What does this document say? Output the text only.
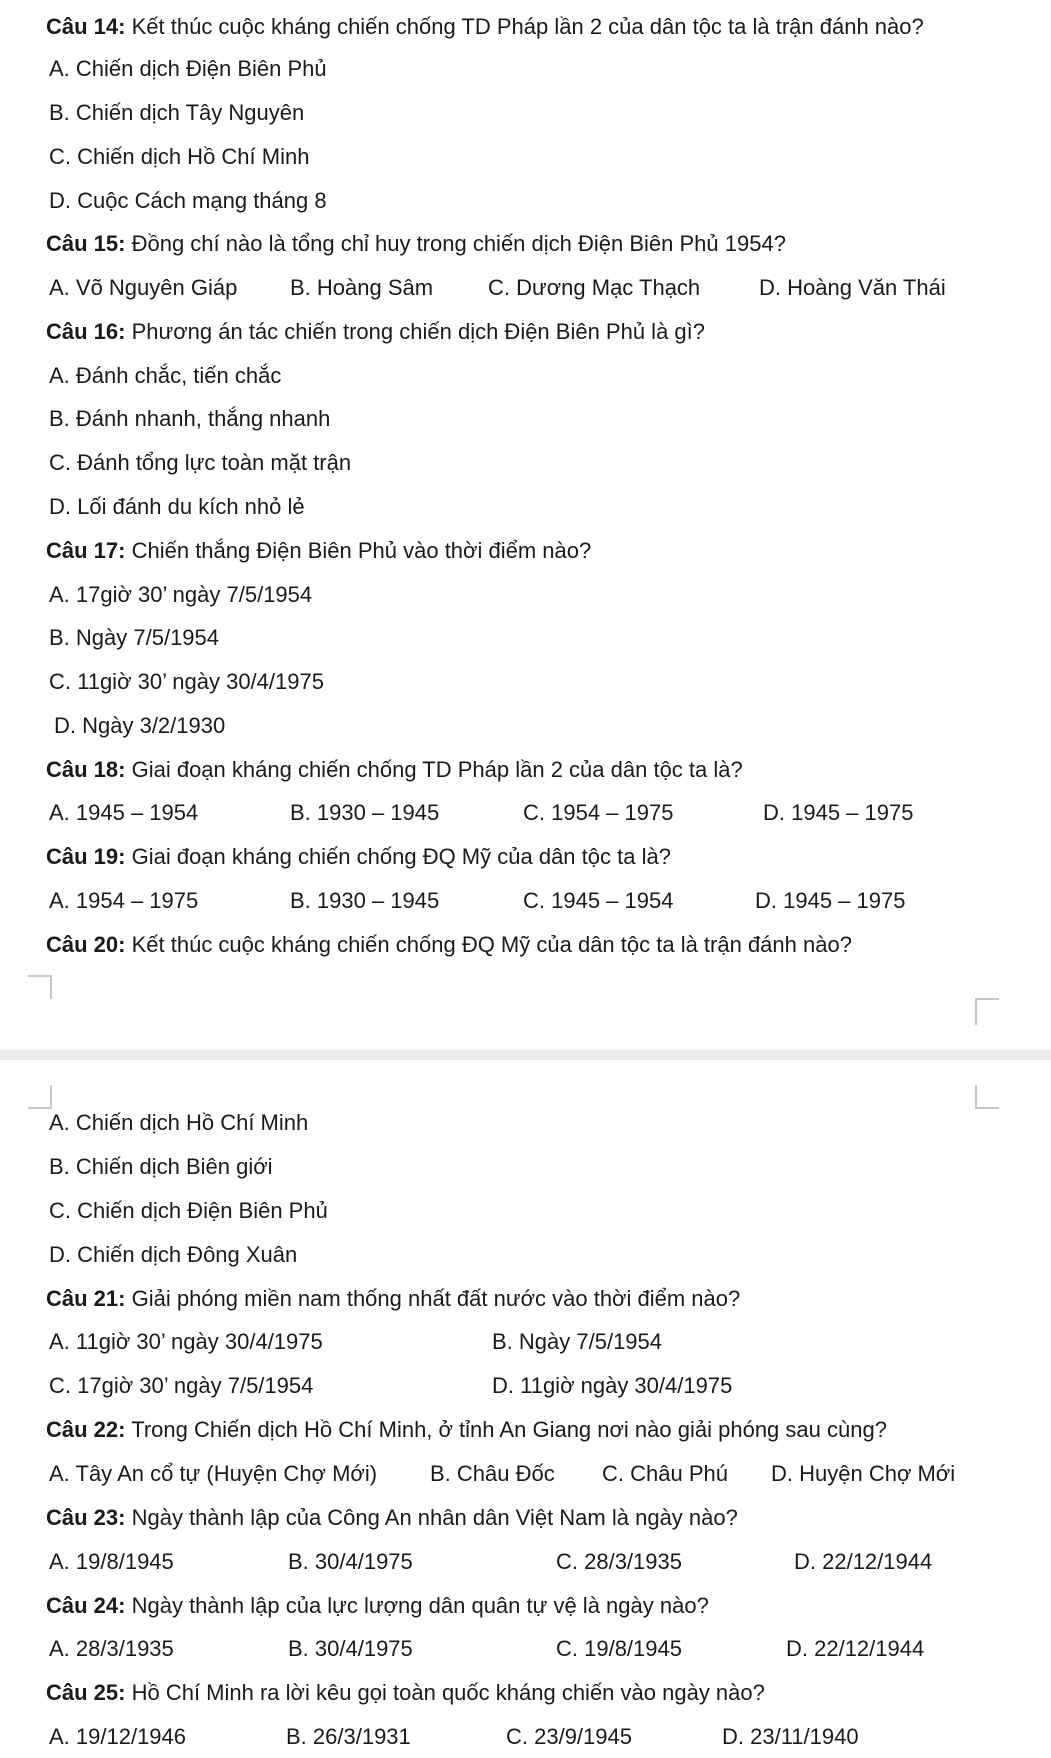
Câu 14: Kết thúc cuộc kháng chiến chống TD Pháp lần 2 của dân tộc ta là trận đánh nào?
A. Chiến dịch Điện Biên Phủ
B. Chiến dịch Tây Nguyên
C. Chiến dịch Hồ Chí Minh
D. Cuộc Cách mạng tháng 8
Câu 15: Đồng chí nào là tổng chỉ huy trong chiến dịch Điện Biên Phủ 1954?
A. Võ Nguyên Giáp B. Hoàng Sâm C. Dương Mạc Thạch	D. Hoàng Văn Thái
Câu 16: Phương án tác chiến trong chiến dịch Điện Biên Phủ là gì?
A. Đánh chắc, tiến chắc
B. Đánh nhanh, thắng nhanh
C. Đánh tổng lực toàn mặt trận
D. Lối đánh du kích nhỏ lẻ
Câu 17: Chiến thắng Điện Biên Phủ vào thời điểm nào?
A. 17giờ 30’ ngày 7/5/1954
B. Ngày 7/5/1954
C. 11giờ 30’ ngày 30/4/1975
D. Ngày 3/2/1930
Câu 18: Giai đoạn kháng chiến chống TD Pháp lần 2 của dân tộc ta là?
A. 1945 – 1954	B. 1930 – 1945	C. 1954 – 1975	D. 1945 – 1975
Câu 19: Giai đoạn kháng chiến chống ĐQ Mỹ của dân tộc ta là?
A. 1954 – 1975	B. 1930 – 1945	C. 1945 – 1954	D. 1945 – 1975
Câu 20: Kết thúc cuộc kháng chiến chống ĐQ Mỹ của dân tộc ta là trận đánh nào?
A. Chiến dịch Hồ Chí Minh
B. Chiến dịch Biên giới
C. Chiến dịch Điện Biên Phủ
D. Chiến dịch Đông Xuân
Câu 21: Giải phóng miền nam thống nhất đất nước vào thời điểm nào?
A. 11giờ 30’ ngày 30/4/1975	B. Ngày 7/5/1954
C. 17giờ 30’ ngày 7/5/1954	D. 11giờ ngày 30/4/1975
Câu 22: Trong Chiến dịch Hồ Chí Minh, ở tỉnh An Giang nơi nào giải phóng sau cùng?
A. Tây An cổ tự (Huyện Chợ Mới) B. Châu Đốc C. Châu Phú D. Huyện Chợ Mới
Câu 23: Ngày thành lập của Công An nhân dân Việt Nam là ngày nào?
A. 19/8/1945	B. 30/4/1975	C. 28/3/1935	D. 22/12/1944
Câu 24: Ngày thành lập của lực lượng dân quân tự vệ là ngày nào?
A. 28/3/1935	B. 30/4/1975	C. 19/8/1945	D. 22/12/1944
Câu 25: Hồ Chí Minh ra lời kêu gọi toàn quốc kháng chiến vào ngày nào?
A. 19/12/1946	B. 26/3/1931	C. 23/9/1945	D. 23/11/1940
